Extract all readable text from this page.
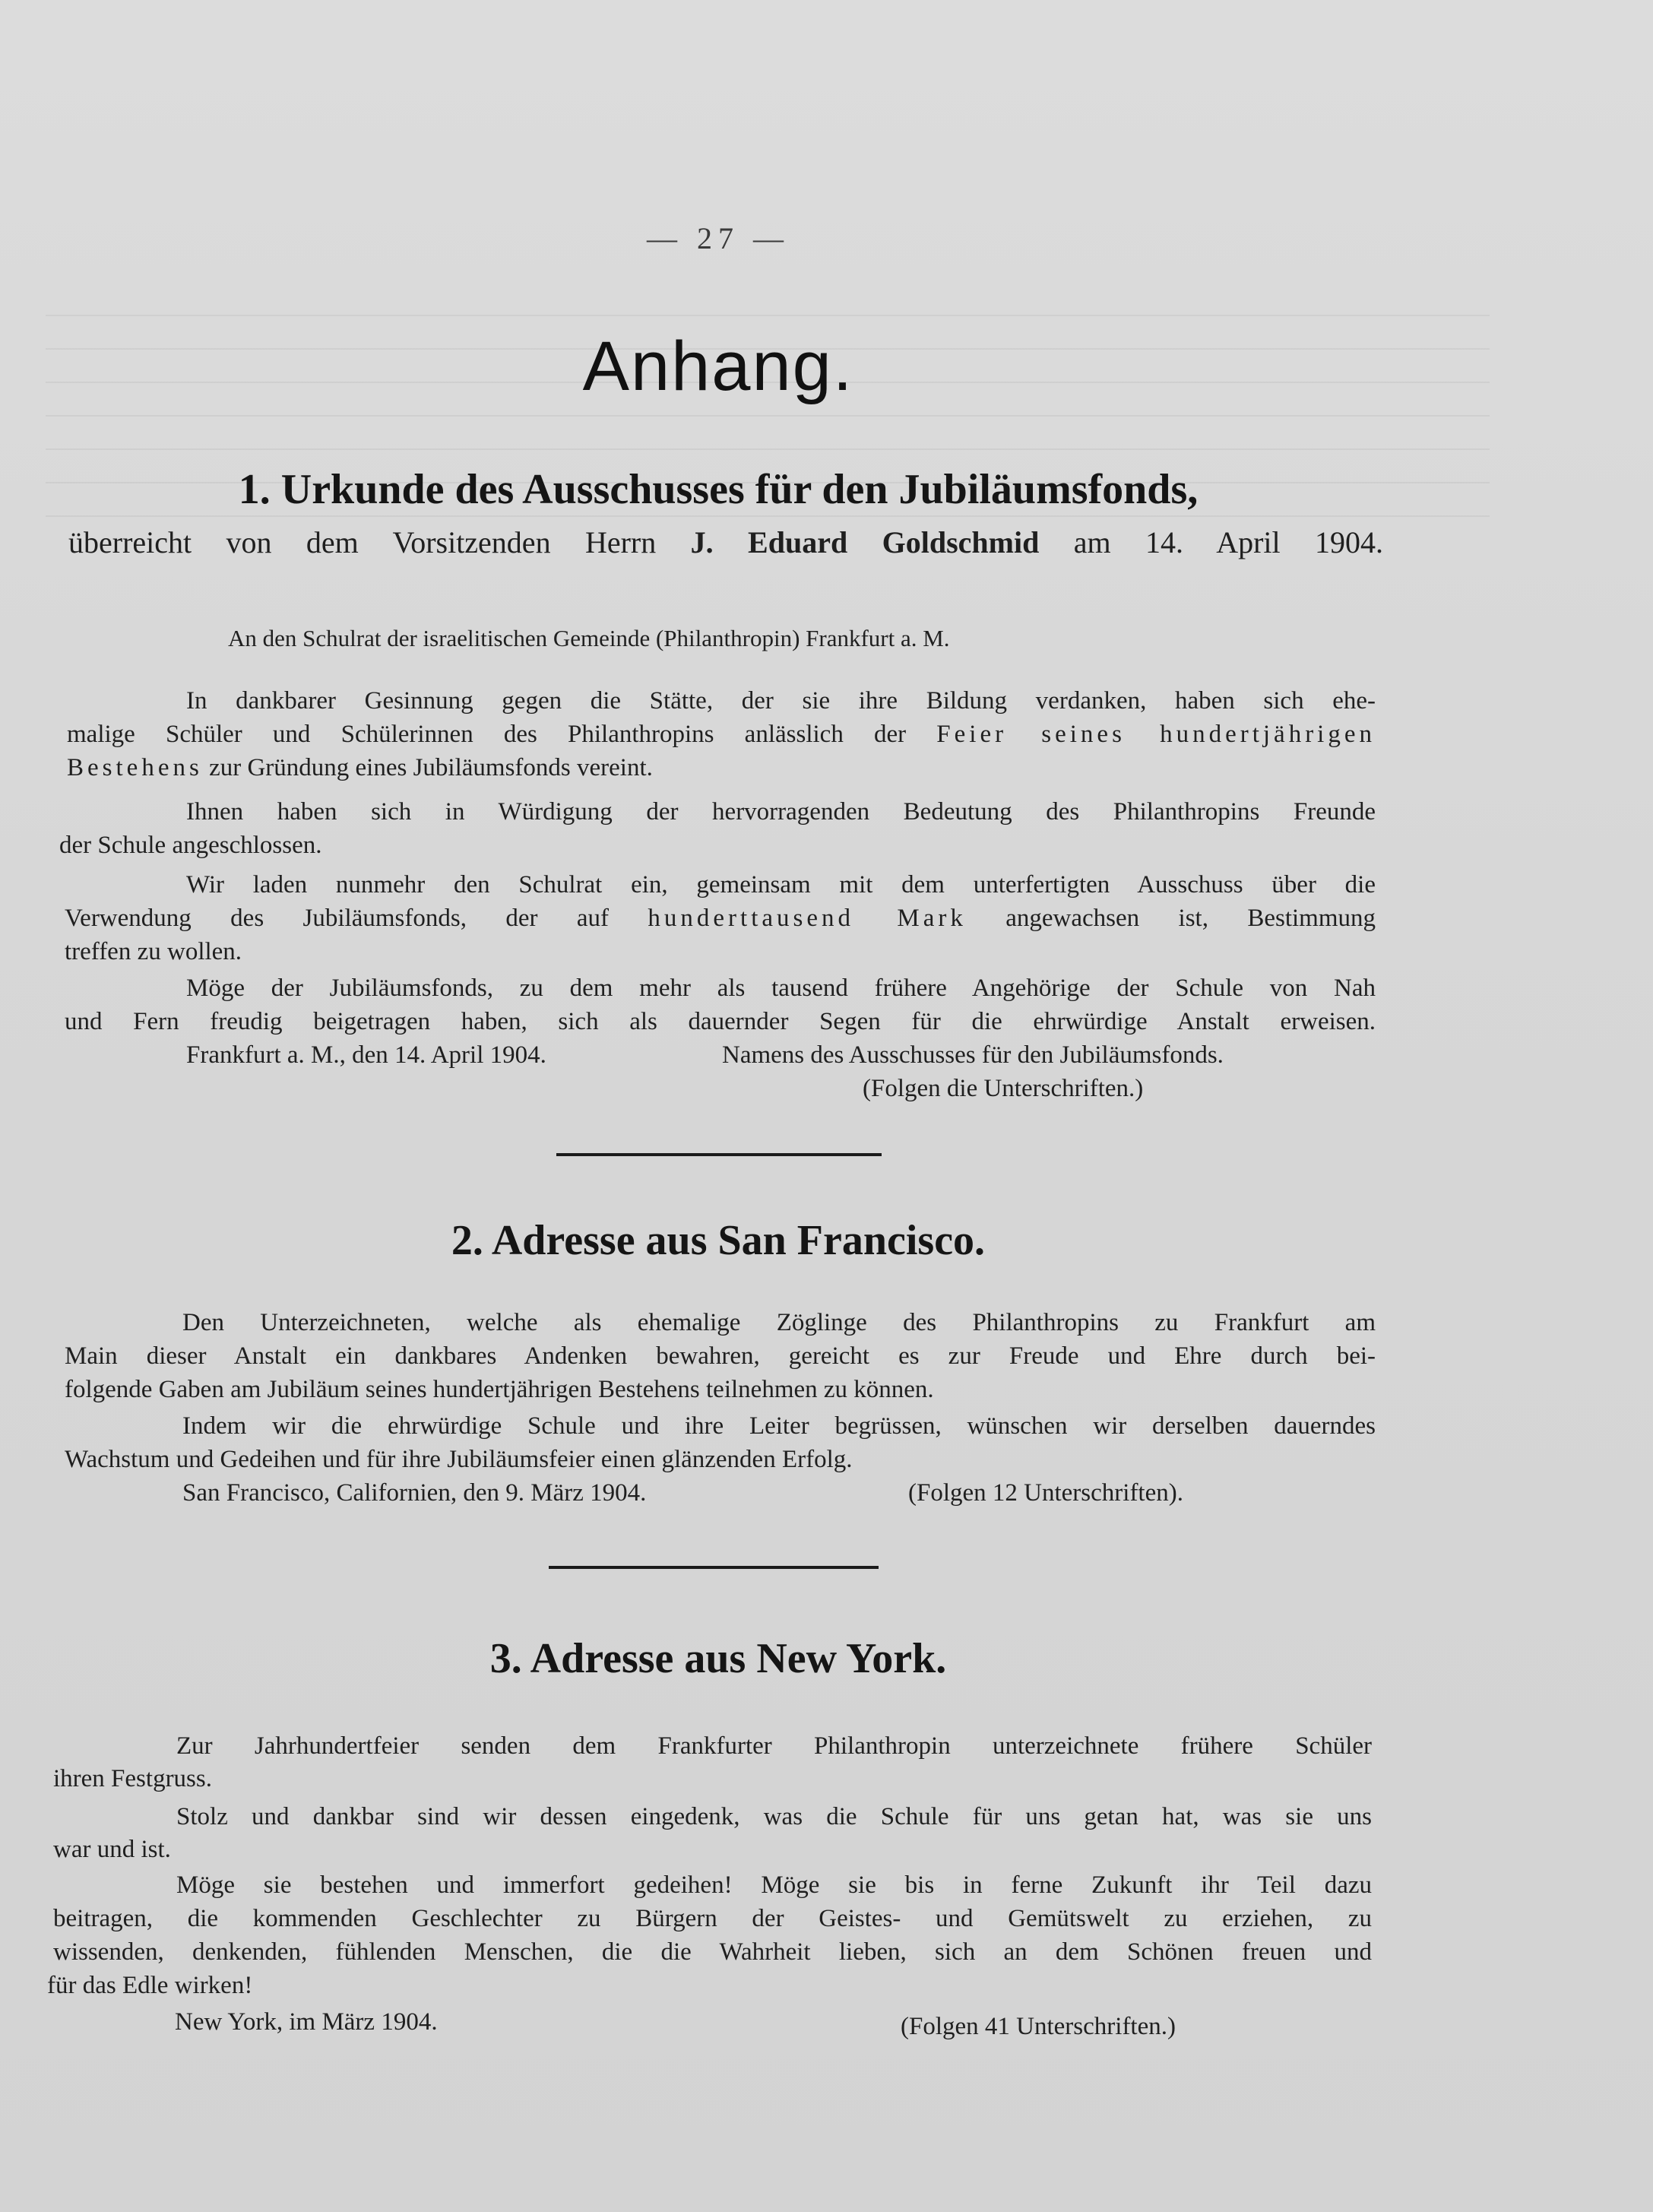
— 27 —
Anhang.
1. Urkunde des Ausschusses für den Jubiläumsfonds,
überreicht von dem Vorsitzenden Herrn J. Eduard Goldschmid am 14. April 1904.
An den Schulrat der israelitischen Gemeinde (Philanthropin) Frankfurt a. M.
In dankbarer Gesinnung gegen die Stätte, der sie ihre Bildung verdanken, haben sich ehe-
malige Schüler und Schülerinnen des Philanthropins anlässlich der Feier seines hundertjährigen
Bestehens zur Gründung eines Jubiläumsfonds vereint.
Ihnen haben sich in Würdigung der hervorragenden Bedeutung des Philanthropins Freunde
der Schule angeschlossen.
Wir laden nunmehr den Schulrat ein, gemeinsam mit dem unterfertigten Ausschuss über die
Verwendung des Jubiläumsfonds, der auf hunderttausend Mark angewachsen ist, Bestimmung
treffen zu wollen.
Möge der Jubiläumsfonds, zu dem mehr als tausend frühere Angehörige der Schule von Nah
und Fern freudig beigetragen haben, sich als dauernder Segen für die ehrwürdige Anstalt erweisen.
Frankfurt a. M., den 14. April 1904.	Namens des Ausschusses für den Jubiläumsfonds.
(Folgen die Unterschriften.)
2. Adresse aus San Francisco.
Den Unterzeichneten, welche als ehemalige Zöglinge des Philanthropins zu Frankfurt am
Main dieser Anstalt ein dankbares Andenken bewahren, gereicht es zur Freude und Ehre durch bei-
folgende Gaben am Jubiläum seines hundertjährigen Bestehens teilnehmen zu können.
Indem wir die ehrwürdige Schule und ihre Leiter begrüssen, wünschen wir derselben dauerndes
Wachstum und Gedeihen und für ihre Jubiläumsfeier einen glänzenden Erfolg.
San Francisco, Californien, den 9. März 1904.	(Folgen 12 Unterschriften).
3. Adresse aus New York.
Zur Jahrhundertfeier senden dem Frankfurter Philanthropin unterzeichnete frühere Schüler
ihren Festgruss.
Stolz und dankbar sind wir dessen eingedenk, was die Schule für uns getan hat, was sie uns
war und ist.
Möge sie bestehen und immerfort gedeihen! Möge sie bis in ferne Zukunft ihr Teil dazu
beitragen, die kommenden Geschlechter zu Bürgern der Geistes- und Gemütswelt zu erziehen, zu
wissenden, denkenden, fühlenden Menschen, die die Wahrheit lieben, sich an dem Schönen freuen und
für das Edle wirken!
New York, im März 1904.	(Folgen 41 Unterschriften.)
